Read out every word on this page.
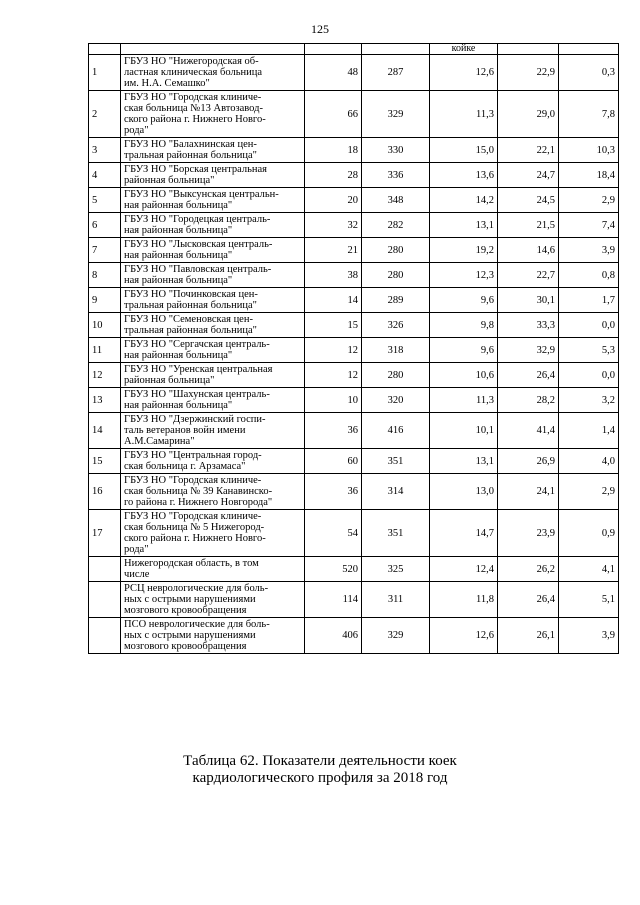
125
				койке		
1	ГБУЗ НО "Нижегородская об-
ластная клиническая больница
им. Н.А. Семашко"	48	287	12,6	22,9	0,3
2	ГБУЗ НО "Городская клиниче-
ская больница №13 Автозавод-
ского района г. Нижнего Новго-
рода"	66	329	11,3	29,0	7,8
3	ГБУЗ НО "Балахнинская цен-
тральная районная больница"	18	330	15,0	22,1	10,3
4	ГБУЗ НО "Борская центральная
районная больница"	28	336	13,6	24,7	18,4
5	ГБУЗ НО "Выксунская центральн-
ная районная больница"	20	348	14,2	24,5	2,9
6	ГБУЗ НО "Городецкая централь-
ная районная больница"	32	282	13,1	21,5	7,4
7	ГБУЗ НО "Лысковская централь-
ная районная больница"	21	280	19,2	14,6	3,9
8	ГБУЗ НО "Павловская централь-
ная районная больница"	38	280	12,3	22,7	0,8
9	ГБУЗ НО "Починковская цен-
тральная районная больница"	14	289	9,6	30,1	1,7
10	ГБУЗ НО "Семеновская цен-
тральная районная больница"	15	326	9,8	33,3	0,0
11	ГБУЗ НО "Сергачская централь-
ная районная больница"	12	318	9,6	32,9	5,3
12	ГБУЗ НО "Уренская центральная
районная больница"	12	280	10,6	26,4	0,0
13	ГБУЗ НО "Шахунская централь-
ная районная больница"	10	320	11,3	28,2	3,2
14	ГБУЗ НО "Дзержинский госпи-
таль ветеранов войн имени
А.М.Самарина"	36	416	10,1	41,4	1,4
15	ГБУЗ НО "Центральная город-
ская больница г. Арзамаса"	60	351	13,1	26,9	4,0
16	ГБУЗ НО "Городская клиниче-
ская больница № 39 Канавинско-
го района г. Нижнего Новгорода"	36	314	13,0	24,1	2,9
17	ГБУЗ НО "Городская клиниче-
ская больница № 5 Нижегород-
ского района г. Нижнего Новго-
рода"	54	351	14,7	23,9	0,9

	Нижегородская область, в том
числе	520	325	12,4	26,2	4,1

	РСЦ неврологические для боль-
ных с острыми нарушениями
мозгового кровообращения	114	311	11,8	26,4	5,1

	ПСО неврологические для боль-
ных с острыми нарушениями
мозгового кровообращения	406	329	12,6	26,1	3,9
Таблица 62. Показатели деятельности коек
кардиологического профиля за 2018 год
